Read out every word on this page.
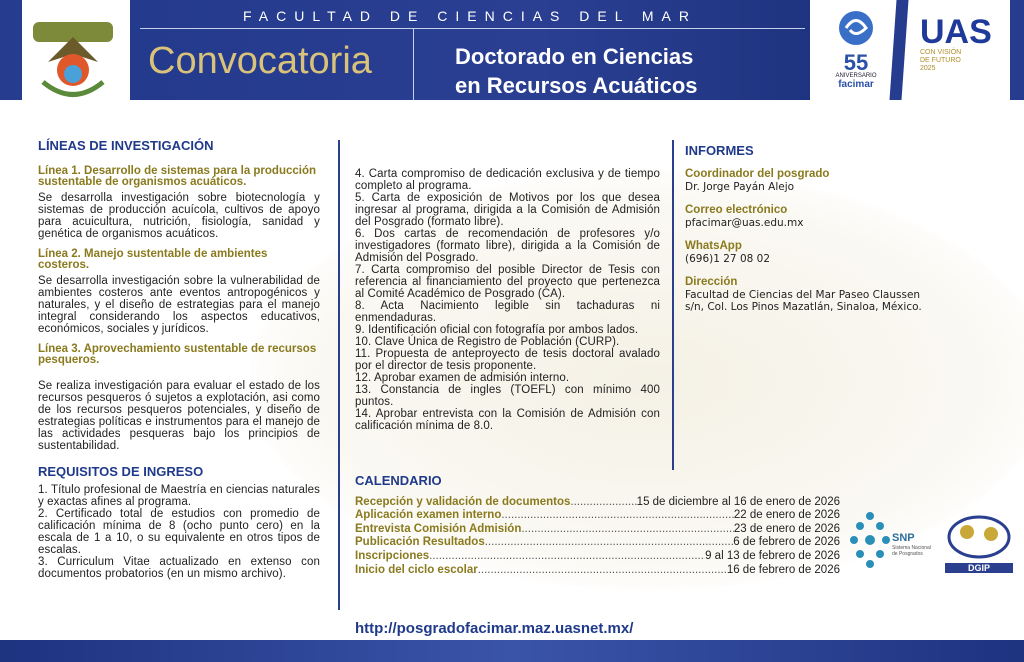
FACULTAD DE CIENCIAS DEL MAR
Convocatoria	Doctorado en Ciencias
en Recursos Acuáticos
55
ANIVERSARIO
facimar
UAS
CON VISIÓN DE FUTURO 2025
LÍNEAS DE INVESTIGACIÓN
Línea 1. Desarrollo de sistemas para la producción sustentable de organismos acuáticos.

Se desarrolla investigación sobre biotecnología y sistemas de producción acuícola, cultivos de apoyo para acuicultura, nutrición, fisiología, sanidad y genética de organismos acuáticos.

Línea 2. Manejo sustentable de ambientes costeros.

Se desarrolla investigación sobre la vulnerabilidad de ambientes costeros ante eventos antropogénicos y naturales, y el diseño de estrategias para el manejo integral considerando los aspectos educativos, económicos, sociales y jurídicos.

Línea 3. Aprovechamiento sustentable de recursos pesqueros.

Se realiza investigación para evaluar el estado de los recursos pesqueros ó sujetos a explotación, asi como de los recursos pesqueros potenciales, y diseño de estrategias políticas e instrumentos para el manejo de las actividades pesqueras bajo los principios de sustentabilidad.

REQUISITOS DE INGRESO

1. Título profesional de Maestría en ciencias naturales y exactas afines al programa.

2. Certificado total de estudios con promedio de calificación mínima de 8 (ocho punto cero) en la escala de 1 a 10, o su equivalente en otros tipos de escalas.

3. Curriculum Vitae actualizado en extenso con documentos probatorios (en un mismo archivo).

4. Carta compromiso de dedicación exclusiva y de tiempo completo al programa.

5. Carta de exposición de Motivos por los que desea ingresar al programa, dirigida a la Comisión de Admisión del Posgrado (formato libre).

6. Dos cartas de recomendación de profesores y/o investigadores (formato libre), dirigida a la Comisión de Admisión del Posgrado.

7. Carta compromiso del posible Director de Tesis con referencia al financiamiento del proyecto que pertenezca al Comité Académico de Posgrado (CA).

8. Acta Nacimiento legible sin tachaduras ni enmendaduras.

9. Identificación oficial con fotografía por ambos lados.

10. Clave Única de Registro de Población (CURP).

11. Propuesta de anteproyecto de tesis doctoral avalado por el director de tesis proponente.

12. Aprobar examen de admisión interno.

13. Constancia de ingles (TOEFL) con mínimo 400 puntos.

14. Aprobar entrevista con la Comisión de Admisión con calificación mínima de 8.0.

INFORMES
Coordinador del posgrado

Dr. Jorge Payán Alejo

Correo electrónico

pfacimar@uas.edu.mx

WhatsApp

(696)1 27 08 02

Dirección

Facultad de Ciencias del Mar Paseo Claussen s/n, Col. Los Pinos Mazatlán, Sinaloa, México.

CALENDARIO
Recepción y validación de documentos .....	15 de diciembre al 16 de enero de 2026
Aplicación examen interno .....	22 de enero de 2026
Entrevista Comisión Admisión .....	23 de enero de 2026
Publicación Resultados .....	6 de febrero de 2026
Inscripciones .....	9 al 13 de febrero de 2026
Inicio del ciclo escolar .....	16 de febrero de 2026
SNP
Sistema Nacional de Posgrados
DGIP
http://posgradofacimar.maz.uasnet.mx/
